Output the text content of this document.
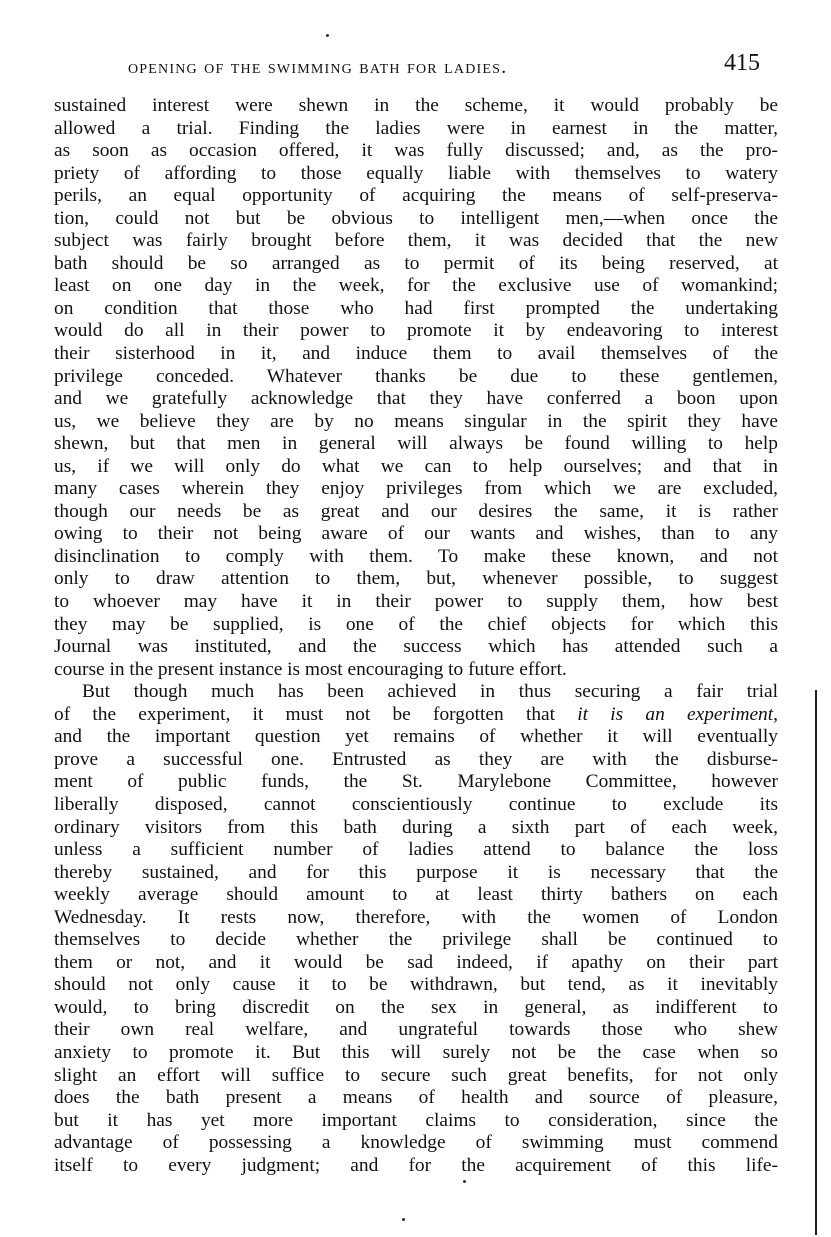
opening of the swimming bath for ladies.	415
sustained interest were shewn in the scheme, it would probably be
allowed a trial. Finding the ladies were in earnest in the matter,
as soon as occasion offered, it was fully discussed; and, as the pro-
priety of affording to those equally liable with themselves to watery
perils, an equal opportunity of acquiring the means of self-preserva-
tion, could not but be obvious to intelligent men,—when once the
subject was fairly brought before them, it was decided that the new
bath should be so arranged as to permit of its being reserved, at
least on one day in the week, for the exclusive use of womankind;
on condition that those who had first prompted the undertaking
would do all in their power to promote it by endeavoring to interest
their sisterhood in it, and induce them to avail themselves of the
privilege conceded. Whatever thanks be due to these gentlemen,
and we gratefully acknowledge that they have conferred a boon upon
us, we believe they are by no means singular in the spirit they have
shewn, but that men in general will always be found willing to help
us, if we will only do what we can to help ourselves; and that in
many cases wherein they enjoy privileges from which we are excluded,
though our needs be as great and our desires the same, it is rather
owing to their not being aware of our wants and wishes, than to any
disinclination to comply with them. To make these known, and not
only to draw attention to them, but, whenever possible, to suggest
to whoever may have it in their power to supply them, how best
they may be supplied, is one of the chief objects for which this
Journal was instituted, and the success which has attended such a
course in the present instance is most encouraging to future effort.
But though much has been achieved in thus securing a fair trial
of the experiment, it must not be forgotten that it is an experiment,
and the important question yet remains of whether it will eventually
prove a successful one. Entrusted as they are with the disburse-
ment of public funds, the St. Marylebone Committee, however
liberally disposed, cannot conscientiously continue to exclude its
ordinary visitors from this bath during a sixth part of each week,
unless a sufficient number of ladies attend to balance the loss
thereby sustained, and for this purpose it is necessary that the
weekly average should amount to at least thirty bathers on each
Wednesday. It rests now, therefore, with the women of London
themselves to decide whether the privilege shall be continued to
them or not, and it would be sad indeed, if apathy on their part
should not only cause it to be withdrawn, but tend, as it inevitably
would, to bring discredit on the sex in general, as indifferent to
their own real welfare, and ungrateful towards those who shew
anxiety to promote it. But this will surely not be the case when so
slight an effort will suffice to secure such great benefits, for not only
does the bath present a means of health and source of pleasure,
but it has yet more important claims to consideration, since the
advantage of possessing a knowledge of swimming must commend
itself to every judgment; and for the acquirement of this life-
